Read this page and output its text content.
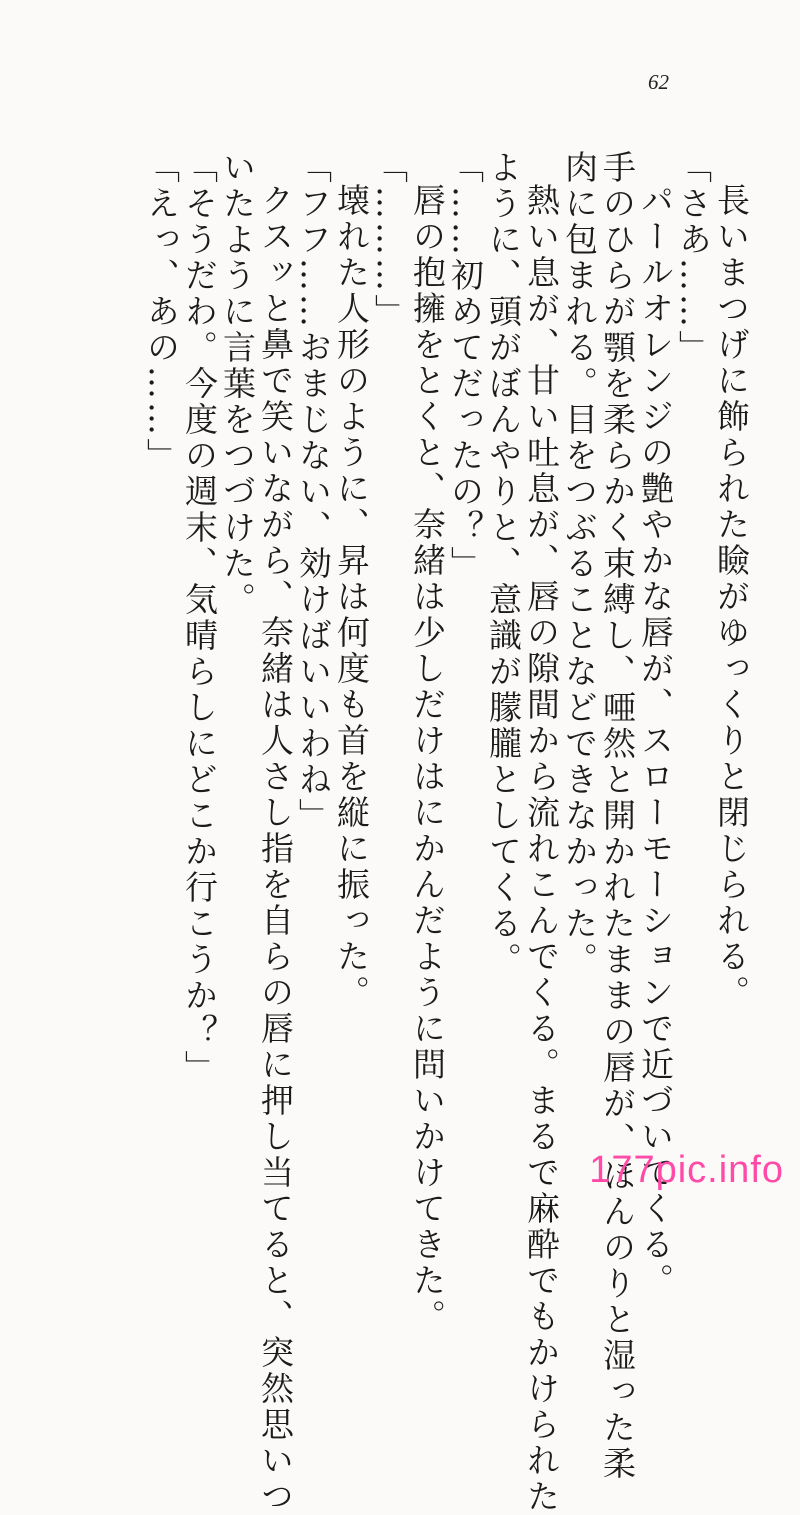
62
長いまつげに飾られた瞼がゆっくりと閉じられる。
「さあ……」
パールオレンジの艶やかな唇が、スローモーションで近づいてくる。
手のひらが顎を柔らかく束縛し、唖然と開かれたままの唇が、ほんのりと湿った柔
肉に包まれる。目をつぶることなどできなかった。
熱い息が、甘い吐息が、唇の隙間から流れこんでくる。まるで麻酔でもかけられた
ように、頭がぼんやりと、意識が朦朧としてくる。
「……初めてだったの？」
唇の抱擁をとくと、奈緒は少しだけはにかんだように問いかけてきた。
「………」
壊れた人形のように、昇は何度も首を縦に振った。
「フフ……おまじない、効けばいいわね」
クスッと鼻で笑いながら、奈緒は人さし指を自らの唇に押し当てると、突然思いつ
いたように言葉をつづけた。
「そうだわ。今度の週末、気晴らしにどこか行こうか？」
「えっ、あの……」
177pic.info
